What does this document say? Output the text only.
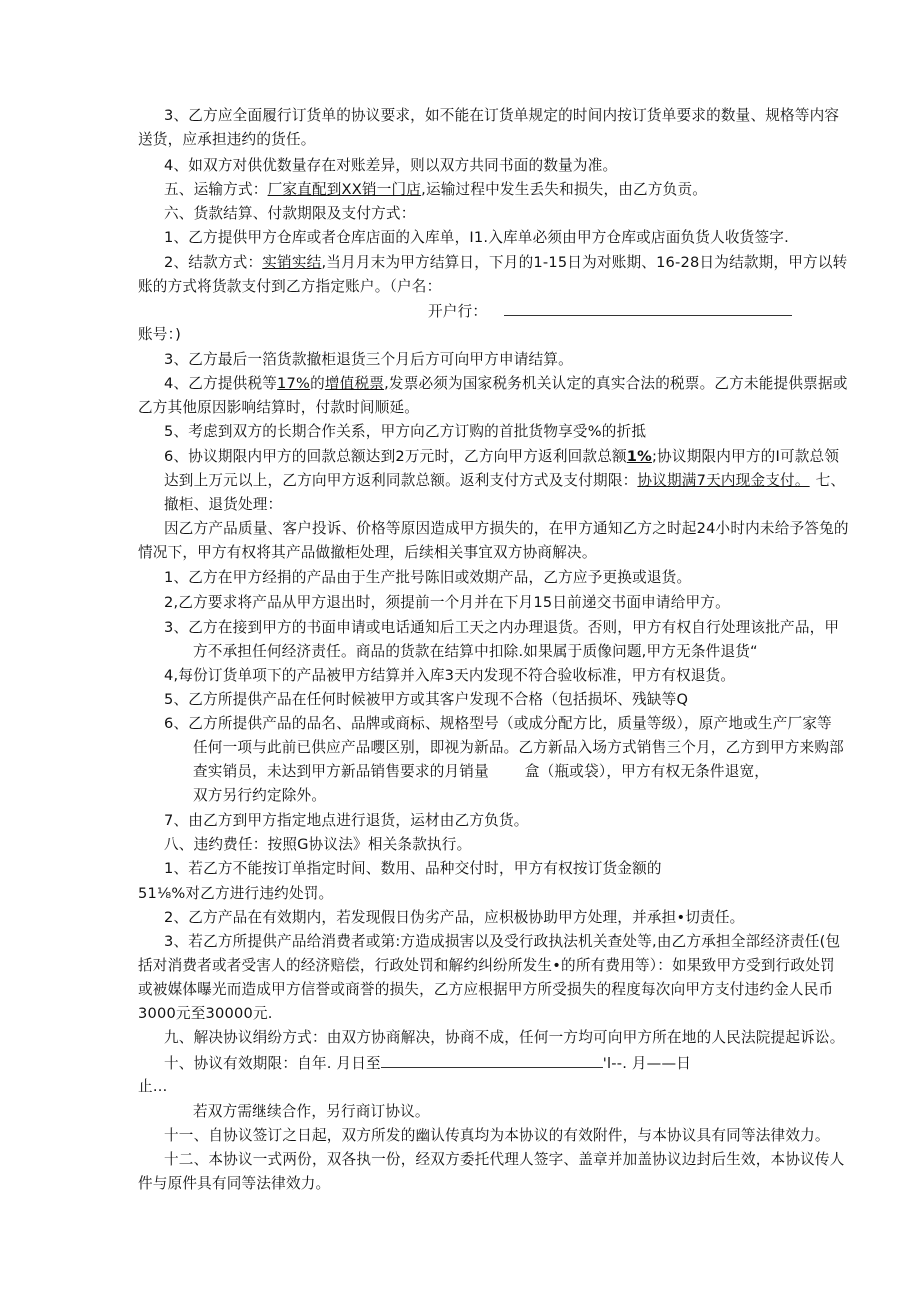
3、乙方应全面履行订货单的协议要求，如不能在订货单规定的时间内按订货单要求的数量、规格等内容
送货，应承担违约的货任。
4、如双方对供优数量存在对账差异，则以双方共同书面的数量为准。
五、运输方式：厂家直配到XX销一门店,运输过程中发生丢失和损失，由乙方负贡。
六、货款结算、付款期限及支付方式：
1、乙方提供甲方仓库或者仓库店面的入库单，I1.入库单必须由甲方仓库或店面负货人收货签字.
2、结款方式：实销实结,当月月末为甲方结算日，下月的1-15日为对账期、16-28日为结款期，甲方以转
账的方式将货款支付到乙方指定账户。（户名：
开户行：
账号：)
3、乙方最后一箔货款撤柜退货三个月后方可向甲方申请结算。
4、乙方提供税等17%的增值税票,发票必须为国家税务机关认定的真实合法的税票。乙方未能提供票据或
乙方其他原因影响结算时，付款时间顺延。
5、考虑到双方的长期合作关系，甲方向乙方订购的首批货物享受%的折抵
6、协议期限内甲方的回款总额达到2万元时，乙方向甲方返利回款总额1%;协议期限内甲方的I可款总领
达到上万元以上，乙方向甲方返利同款总额。返利支付方式及支付期限：协议期满7天内现金支付。 七、
撤柜、退货处理：
因乙方产品质量、客户投诉、价格等原因造成甲方损失的，在甲方通知乙方之时起24小时内未给予答兔的
情况下，甲方有权将其产品做撤柜处理，后续相关事宜双方协商解决。
1、乙方在甲方经捐的产品由于生产批号陈旧或效期产品，乙方应予更换或退货。
2,乙方要求将产品从甲方退出时，须提前一个月并在下月15日前递交书面申请给甲方。
3、乙方在接到甲方的书面申请或电话通知后工天之内办理退货。否则，甲方有权自行处理该批产品，甲
方不承担任何经济责任。商品的货款在结算中扣除.如果属于质像问题,甲方无条件退货“
4,每份订货单项下的产品被甲方结算并入库3天内发现不符合验收标准，甲方有权退货。
5、乙方所提供产品在任何时候被甲方或其客户发现不合格（包括损坏、残缺等Q
6、乙方所提供产品的品名、品牌或商标、规格型号（或成分配方比，质量等级），原产地或生产厂家等
任何一项与此前已供应产品嚶区别，即视为新品。乙方新品入场方式销售三个月，乙方到甲方来购部
查实销员，未达到甲方新品销售要求的月销量 盒（瓶或袋），甲方有权无条件退宽，
双方另行约定除外。
7、由乙方到甲方指定地点进行退货，运材由乙方负货。
八、违约费任：按照G协议法》相关条款执行。
1、若乙方不能按订单指定时间、数用、品种交付时，甲方有权按订货金额的
51⅛%对乙方进行违约处罚。
2、乙方产品在有效期内，若发现假日伪劣产品，应枳极协助甲方处理，并承担•切责任。
3、若乙方所提供产品给消费者或第:方造成损害以及受行政执法机关查处等,由乙方承担全部经济责任(包
括对消费者或者受害人的经济赔偿，行政处罚和解约纠纷所发生•的所有费用等）：如果致甲方受到行政处罚
或被媒体曝光而造成甲方信誉或商誉的损失，乙方应根据甲方所受损失的程度每次向甲方支付违约金人民币
3000元至30000元.
九、解决协议绢纷方式：由双方协商解决，协商不成，任何一方均可向甲方所在地的人民法院提起诉讼。
十、协议有效期限：自年. 月日至	'l--. 月——日
止…
若双方需继续合作，另行商订协议。
十一、自协议签订之日起，双方所发的幽认传真均为本协议的有效附件，与本协议具有同等法律效力。
十二、本协议一式两份，双各执一份，经双方委托代理人签字、盖章并加盖协议边封后生效，本协议传人
件与原件具有同等法律效力。
